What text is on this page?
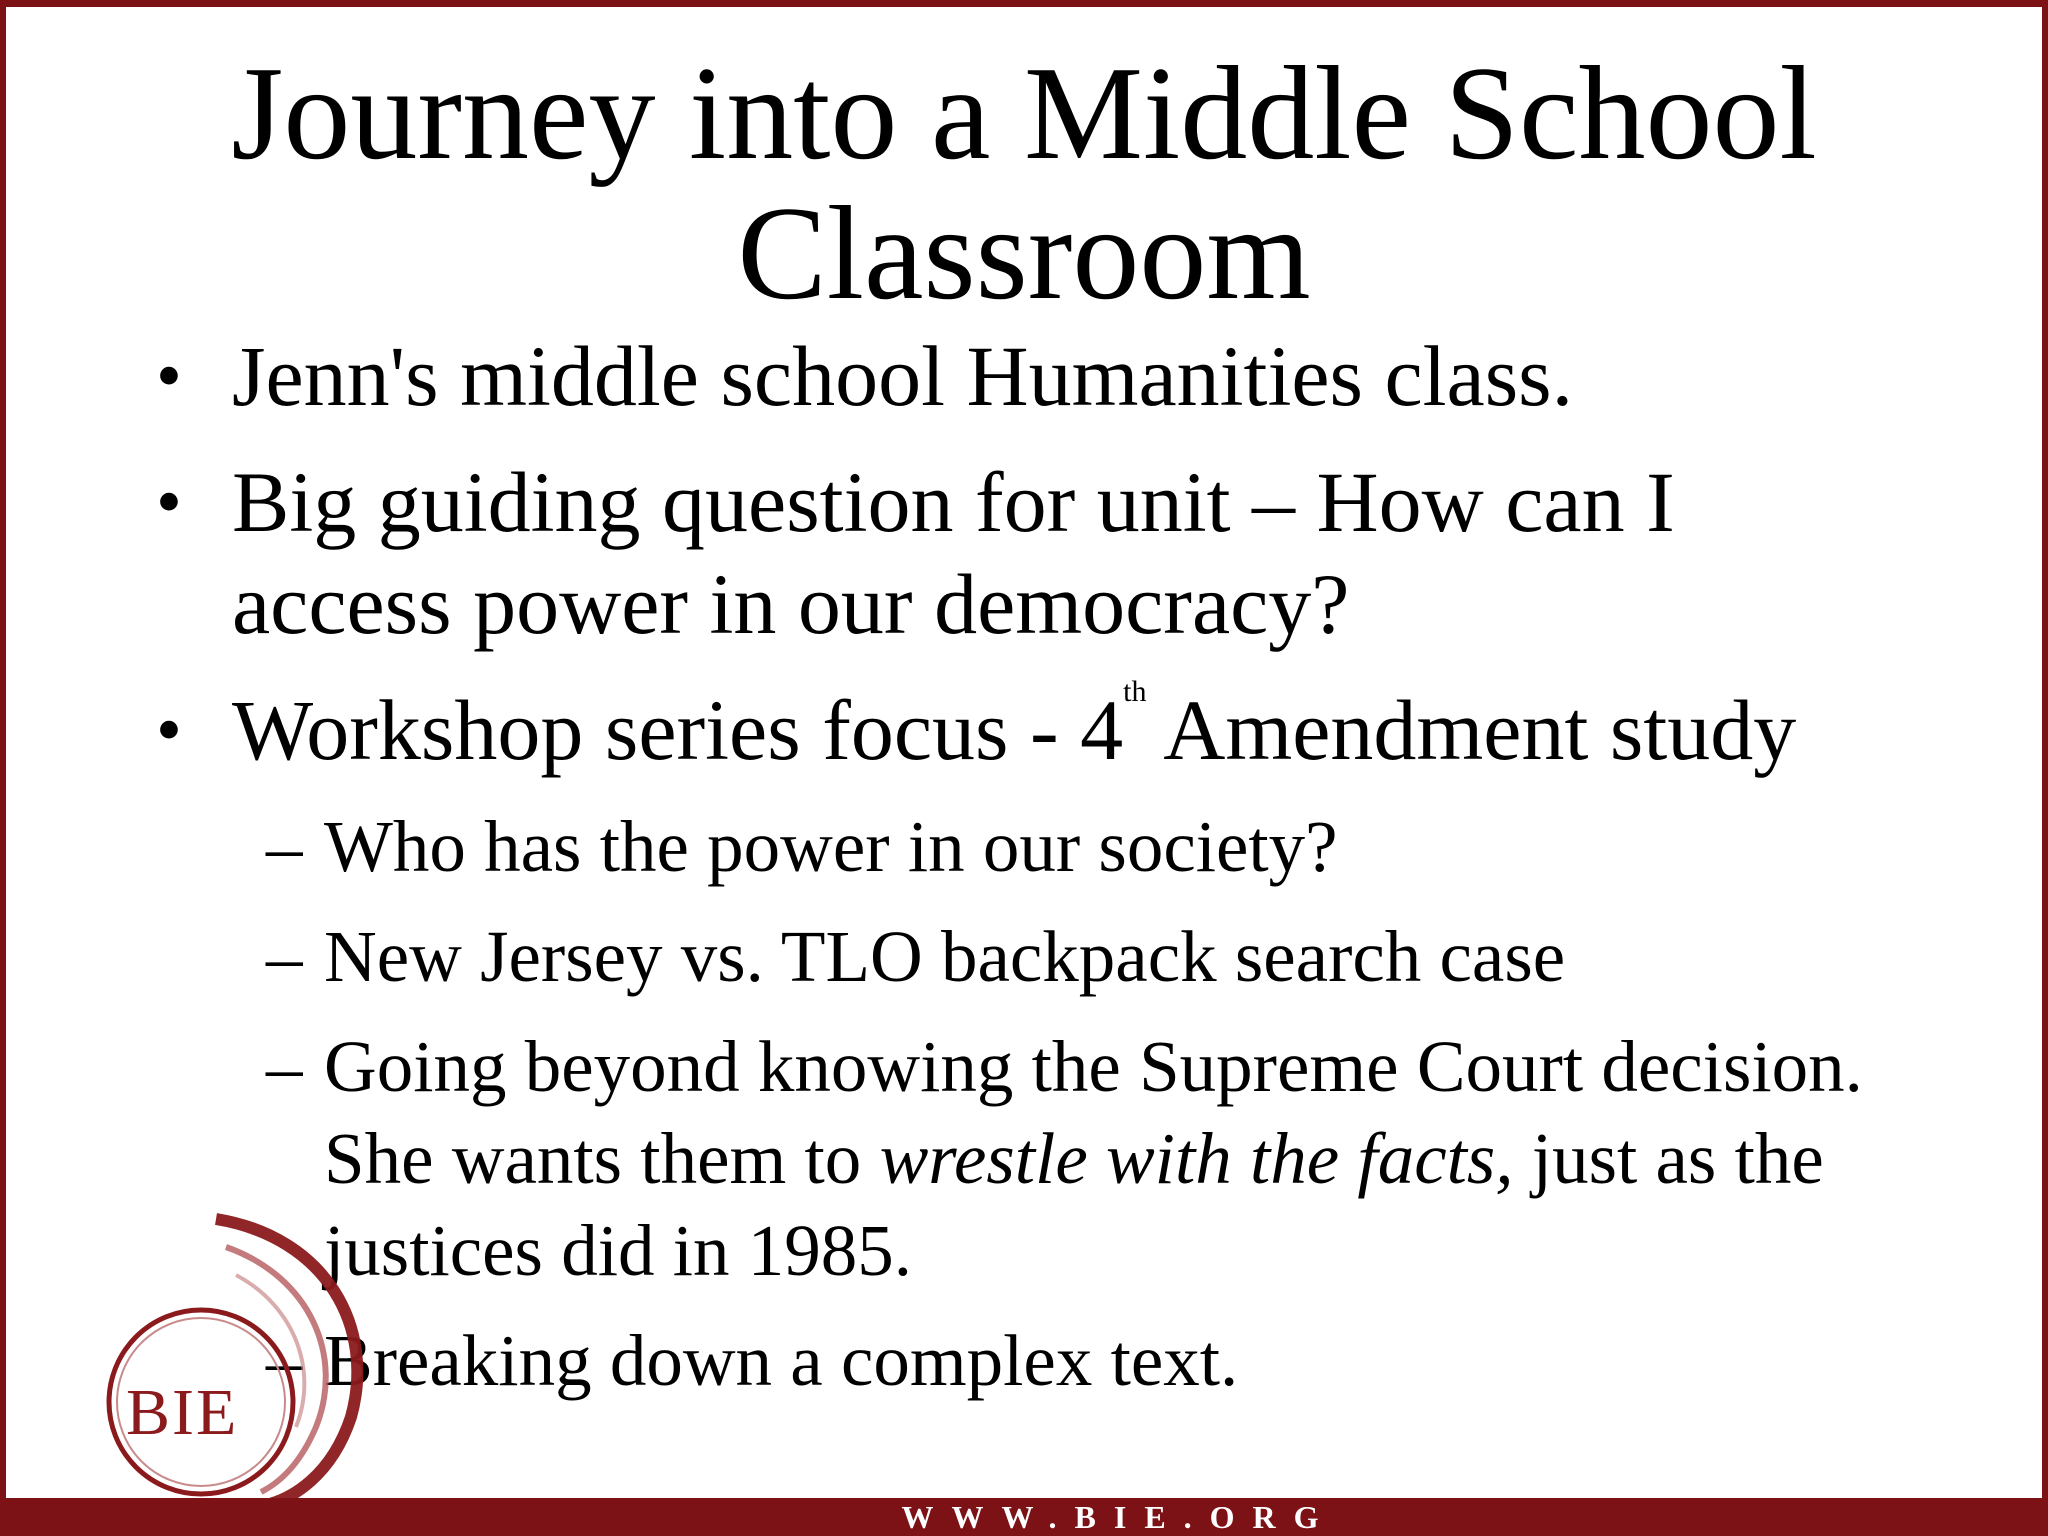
Journey into a Middle School
Classroom
• Jenn's middle school Humanities class.
• Big guiding question for unit – How can I
access power in our democracy?
• Workshop series focus - 4th Amendment study
– Who has the power in our society?
– New Jersey vs. TLO backpack search case
– Going beyond knowing the Supreme Court decision.
She wants them to wrestle with the facts, just as the
justices did in 1985.
– Breaking down a complex text.
BIE
WWW.BIE.ORG
